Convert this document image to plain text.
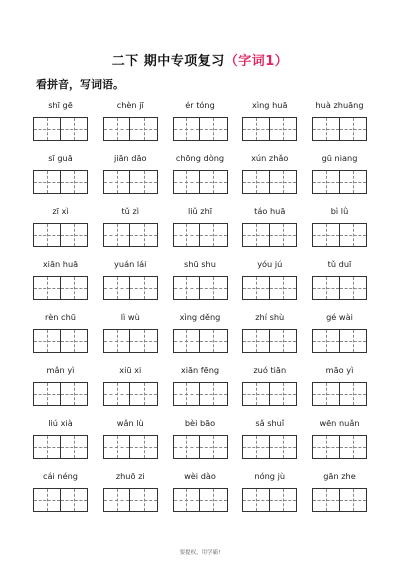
二下 期中专项复习（字词1）
看拼音，写词语。
shī gē	chèn jī	ér tóng	xìng huā	huà zhuāng
sī guā	jiān dāo	chōng dòng	xún zhǎo	gū niang
zī xì	tǔ zì	liǔ zhī	táo huā	bì lǜ
xiān huā	yuán lái	shū shu	yóu jú	tǔ duī
rèn chū	lì wù	xìng děng	zhí shù	gé wài
mǎn yì	xiū xi	xiān fēng	zuó tiān	māo yì
liú xià	wǎn lù	bèi bāo	sǎ shuǐ	wēn nuǎn
cái néng	zhuō zi	wèi dào	nóng jù	gān zhe
要提权，用学霸!
